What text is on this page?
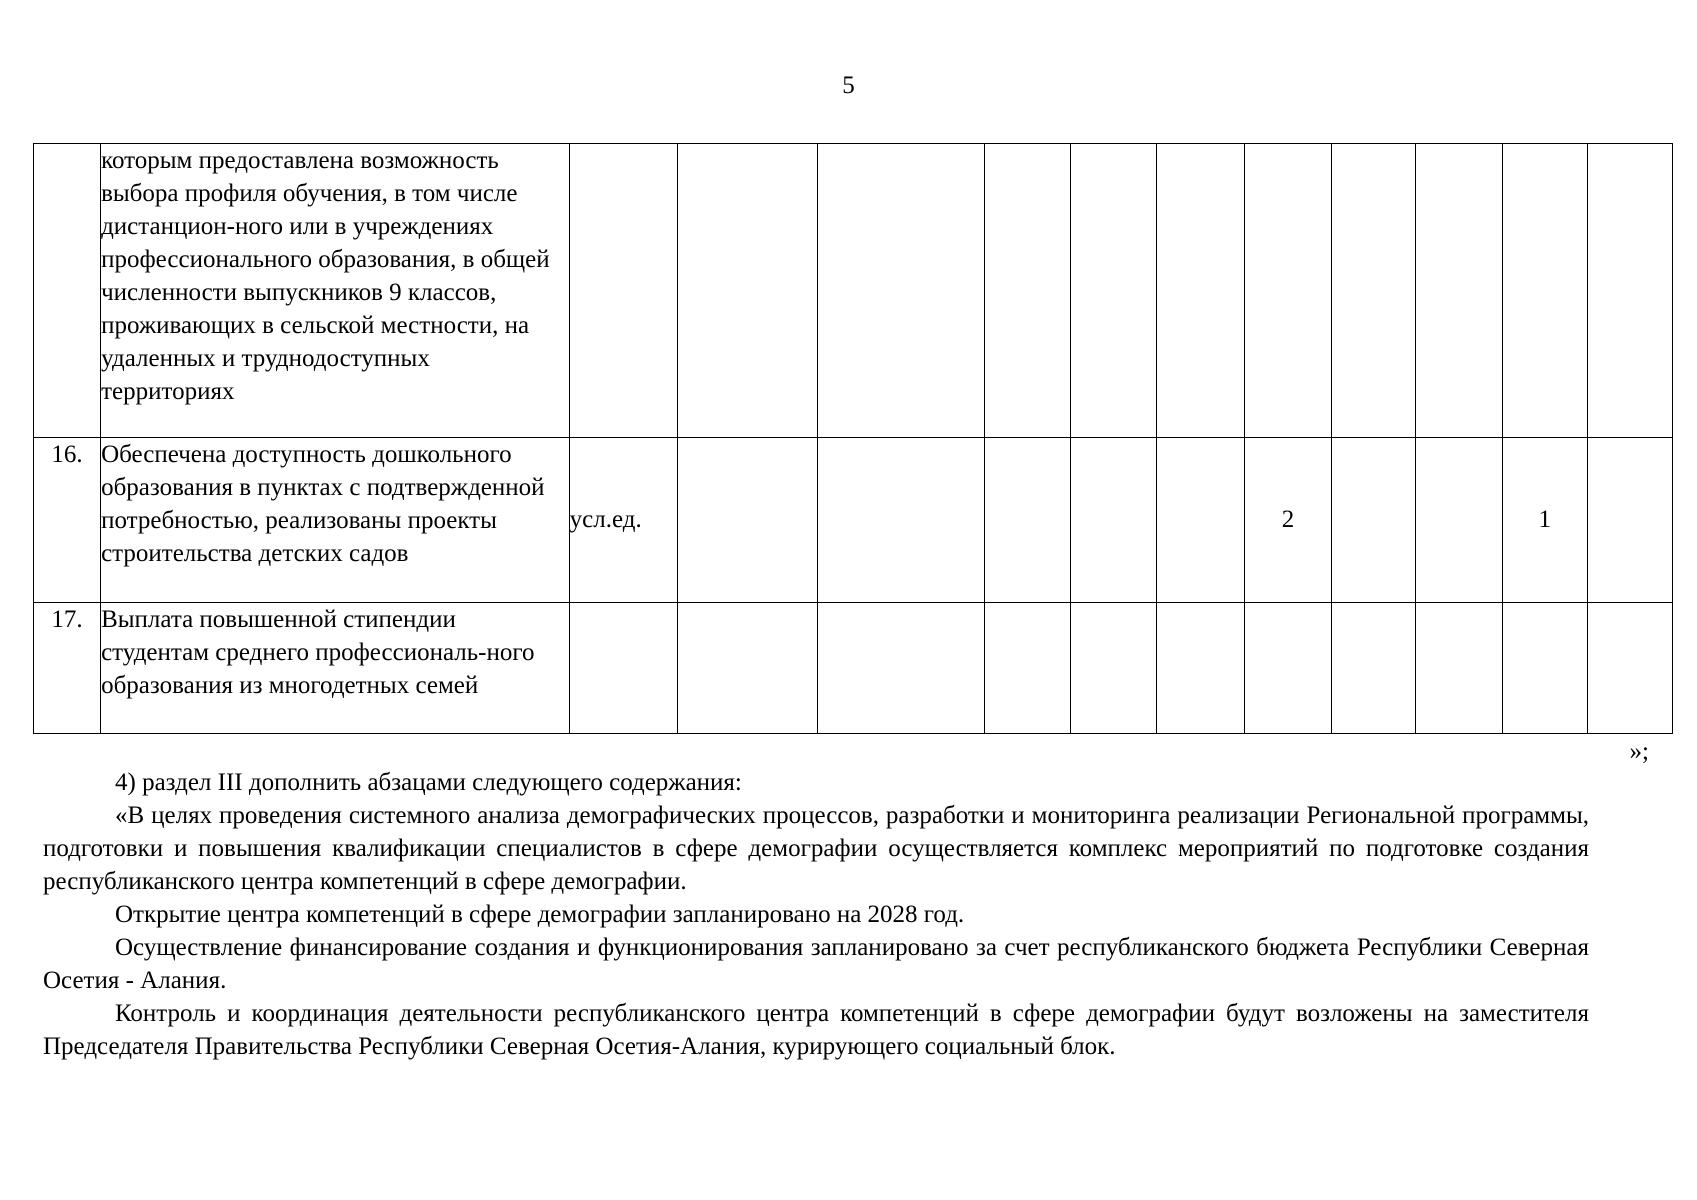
5
	которым предоставлена возможность выбора профиля обучения, в том числе дистанцион-ного или в учреждениях профессионального образования, в общей численности выпускников 9 классов, проживающих в сельской местности, на удаленных и труднодоступных территориях											
16.	Обеспечена доступность дошкольного образования в пунктах с подтвержденной потребностью, реализованы проекты строительства детских садов	усл.ед.						2			1	
17.	Выплата повышенной стипендии студентам среднего профессиональ-ного образования из многодетных семей											
»;

4) раздел III дополнить абзацами следующего содержания:

«В целях проведения системного анализа демографических процессов, разработки и мониторинга реализации Региональной программы, подготовки и повышения квалификации специалистов в сфере демографии осуществляется комплекс мероприятий по подготовке создания республиканского центра компетенций в сфере демографии.

Открытие центра компетенций в сфере демографии запланировано на 2028 год.

Осуществление финансирование создания и функционирования запланировано за счет республиканского бюджета Республики Северная Осетия - Алания.

Контроль и координация деятельности республиканского центра компетенций в сфере демографии будут возложены на заместителя Председателя Правительства Республики Северная Осетия-Алания, курирующего социальный блок.
